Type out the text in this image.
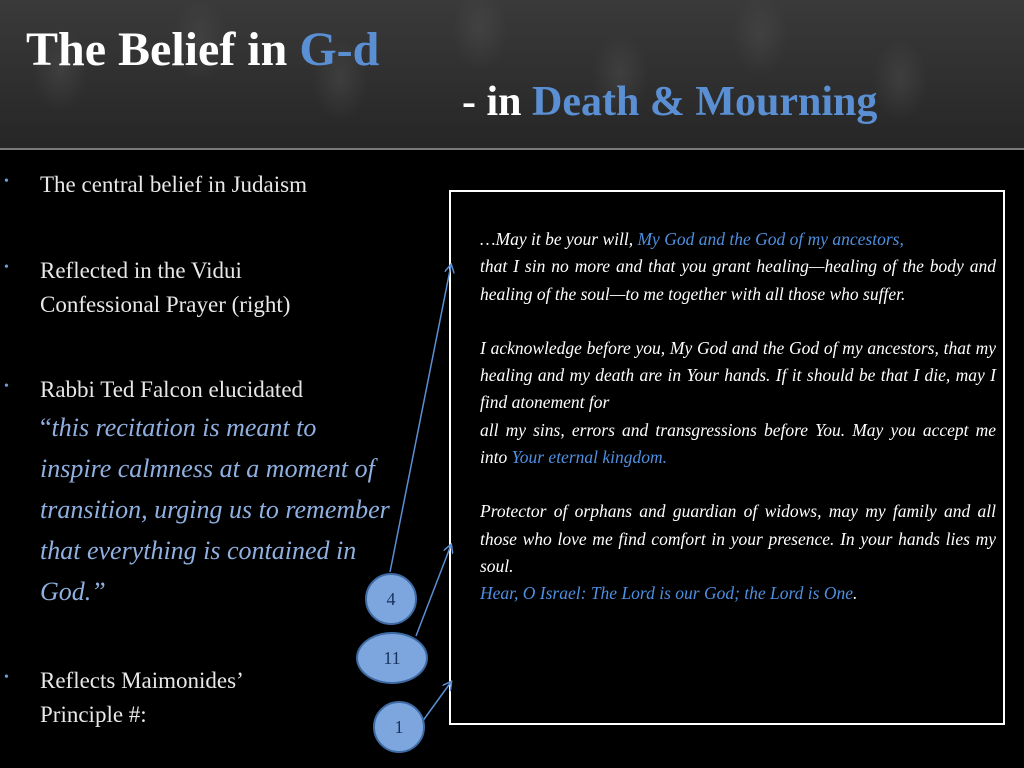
The Belief in G-d
- in Death & Mourning
• The central belief in Judaism
• Reflected in the Vidui
Confessional Prayer (right)
• Rabbi Ted Falcon elucidated
“this recitation is meant to inspire calmness at a moment of transition, urging us to remember that everything is contained in God.”
• Reflects Maimonides’
Principle #:

…May it be your will, My God and the God of my ancestors,
that I sin no more and that you grant healing—healing of the body and healing of the soul—to me together with all those who suffer.

I acknowledge before you, My God and the God of my ancestors, that my healing and my death are in Your hands. If it should be that I die, may I find atonement for
all my sins, errors and transgressions before You. May you accept me into Your eternal kingdom.

Protector of orphans and guardian of widows, may my family and all those who love me find comfort in your presence. In your hands lies my soul.
Hear, O Israel: The Lord is our God; the Lord is One.

4
11
1
